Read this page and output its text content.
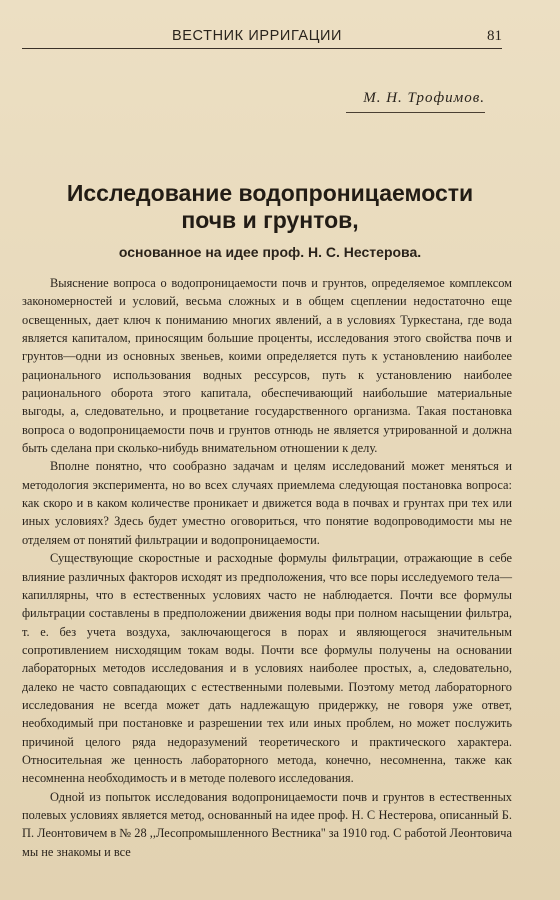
ВЕСТНИК ИРРИГАЦИИ	81
М. Н. Трофимов.
Исследование водопроницаемости
почв и грунтов,
основанное на идее проф. Н. С. Нестерова.

Выяснение вопроса о водопроницаемости почв и грунтов, определяемое комплексом закономерностей и условий, весьма сложных и в общем сцеплении недостаточно еще освещенных, дает ключ к пониманию многих явлений, а в условиях Туркестана, где вода является капиталом, приносящим большие проценты, исследования этого свойства почв и грунтов—одни из основных звеньев, коими определяется путь к установлению наиболее рационального использования водных рессурсов, путь к установлению наиболее рационального оборота этого капитала, обеспечивающий наибольшие материальные выгоды, а, следовательно, и процветание государственного организма. Такая постановка вопроса о водопроницаемости почв и грунтов отнюдь не является утрированной и должна быть сделана при сколько-нибудь внимательном отношении к делу.

Вполне понятно, что сообразно задачам и целям исследований может меняться и методология эксперимента, но во всех случаях приемлема следующая постановка вопроса: как скоро и в каком количестве проникает и движется вода в почвах и грунтах при тех или иных условиях? Здесь будет уместно оговориться, что понятие водопроводимости мы не отделяем от понятий фильтрации и водопроницаемости.

Существующие скоростные и расходные формулы фильтрации, отражающие в себе влияние различных факторов исходят из предположения, что все поры исследуемого тела—капиллярны, что в естественных условиях часто не наблюдается. Почти все формулы фильтрации составлены в предположении движения воды при полном насыщении фильтра, т. е. без учета воздуха, заключающегося в порах и являющегося значительным сопротивлением нисходящим токам воды. Почти все формулы получены на основании лабораторных методов исследования и в условиях наиболее простых, а, следовательно, далеко не часто совпадающих с естественными полевыми. Поэтому метод лабораторного исследования не всегда может дать надлежащую придержку, не говоря уже ответ, необходимый при постановке и разрешении тех или иных проблем, но может послужить причиной целого ряда недоразумений теоретического и практического характера. Относительная же ценность лабораторного метода, конечно, несомненна, также как несомненна необходимость и в методе полевого исследования.

Одной из попыток исследования водопроницаемости почв и грунтов в естественных полевых условиях является метод, основанный на идее проф. Н. С Нестерова, описанный Б. П. Леонтовичем в № 28 ,,Лесопромышленного Вестника'' за 1910 год. С работой Леонтовича мы не знакомы и все
